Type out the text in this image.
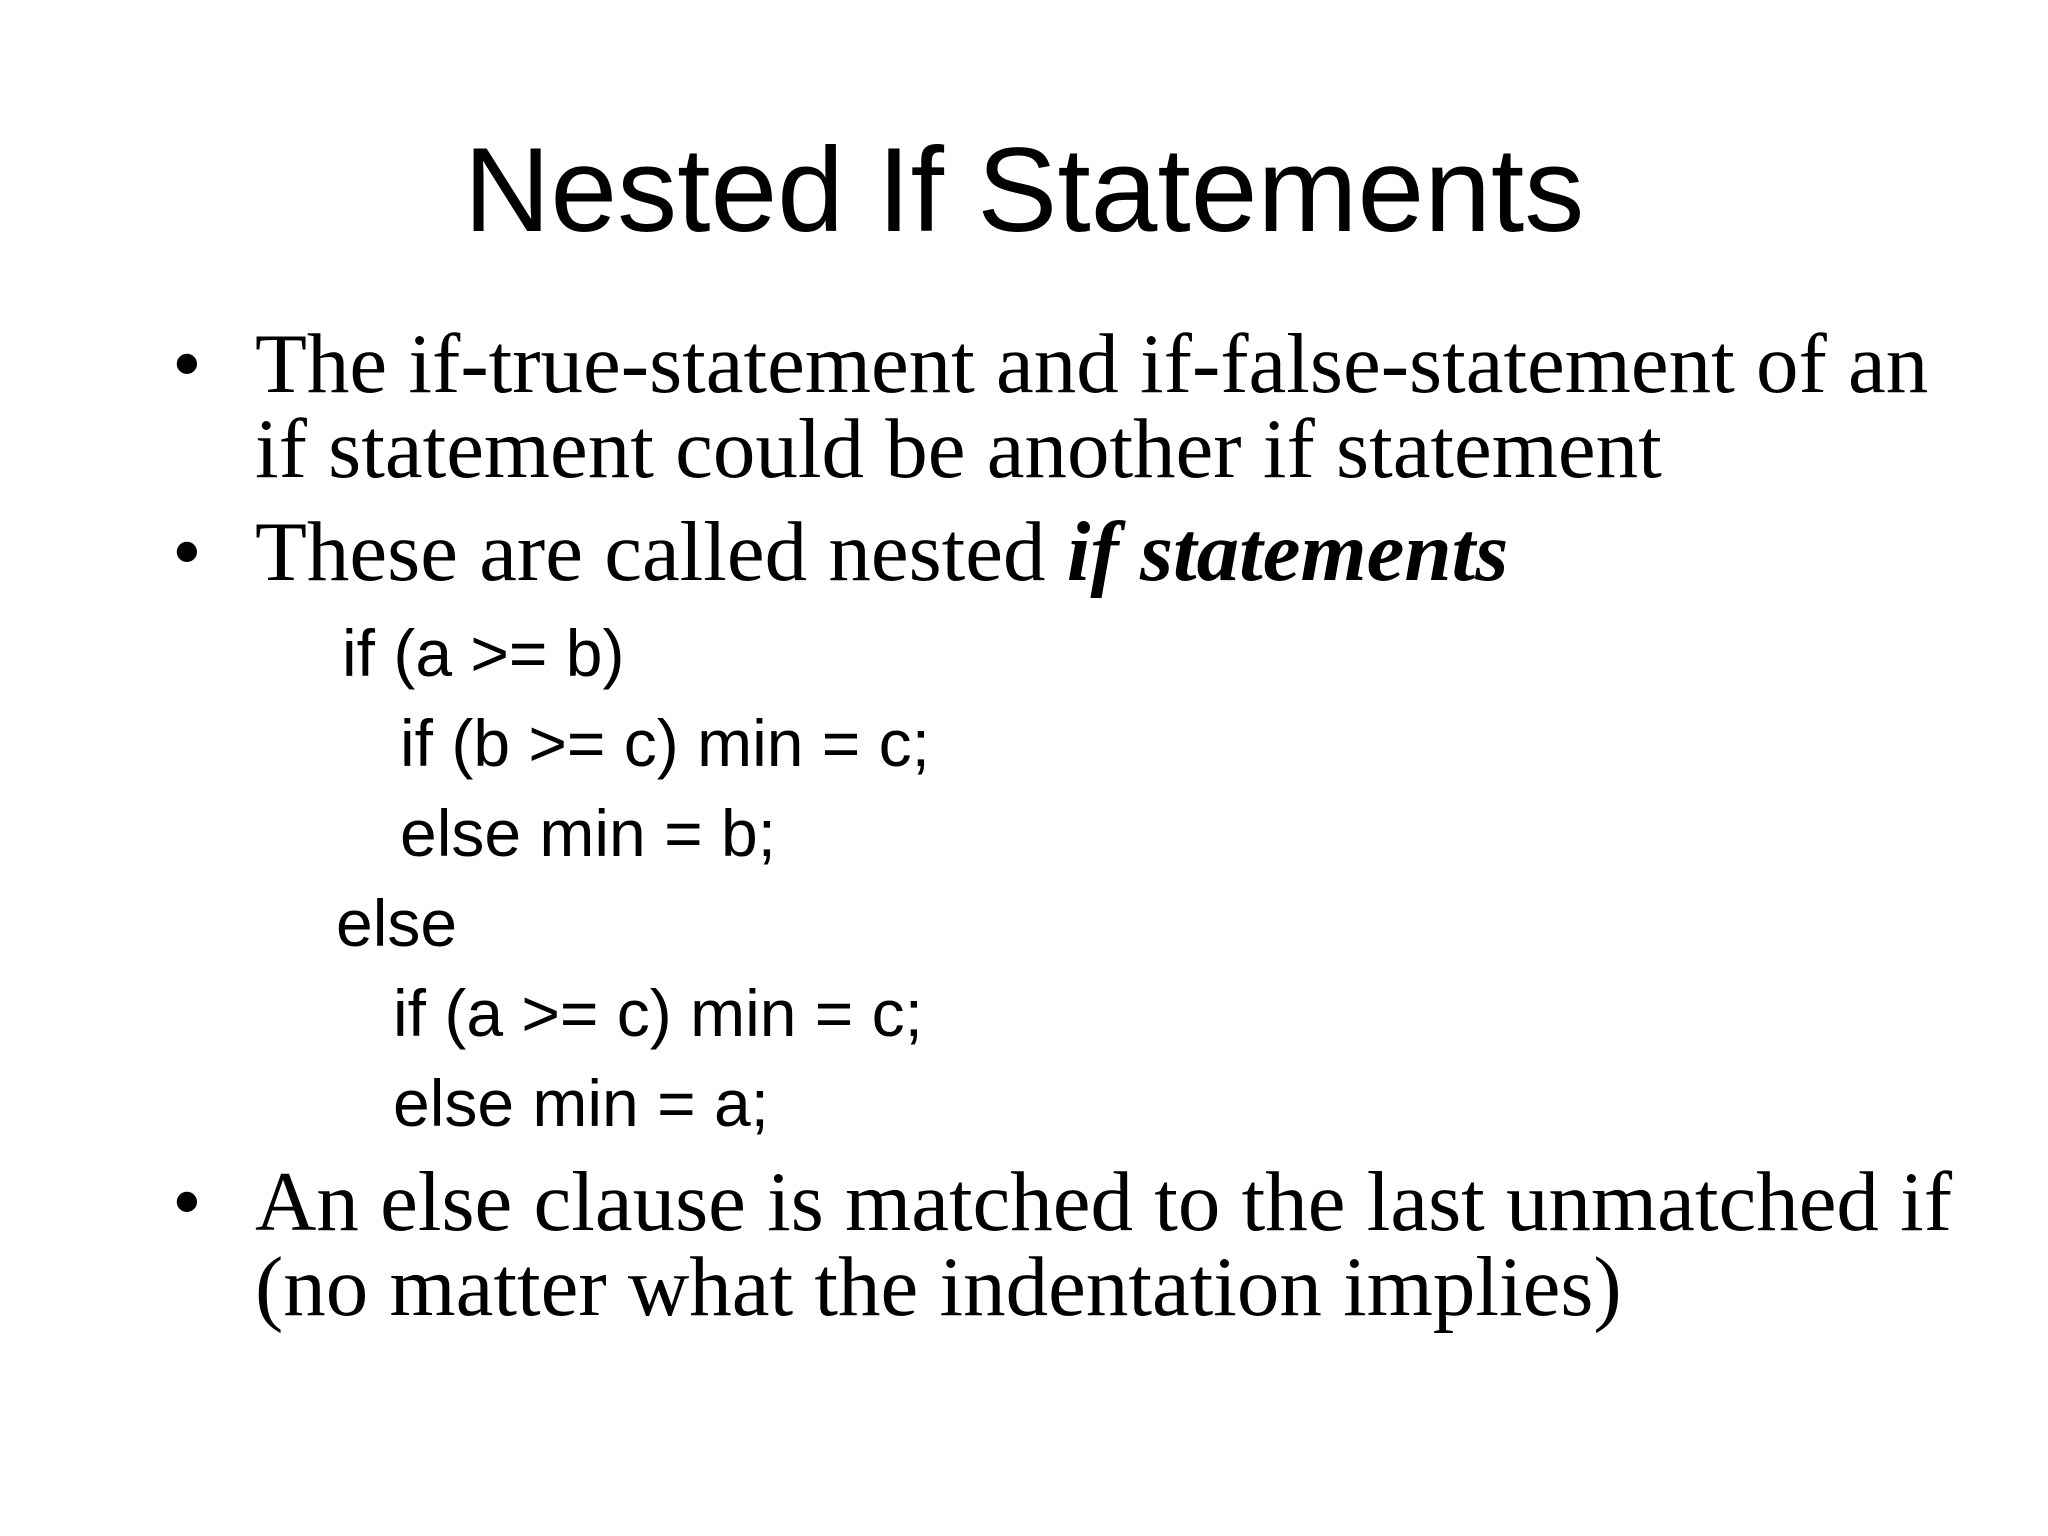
Nested If Statements
• The if-true-statement and if-false-statement of an
if statement could be another if statement
• These are called nested if statements
if (a >= b)
if (b >= c) min = c;
else min = b;
else
if (a >= c) min = c;
else min = a;
• An else clause is matched to the last unmatched if
(no matter what the indentation implies)
